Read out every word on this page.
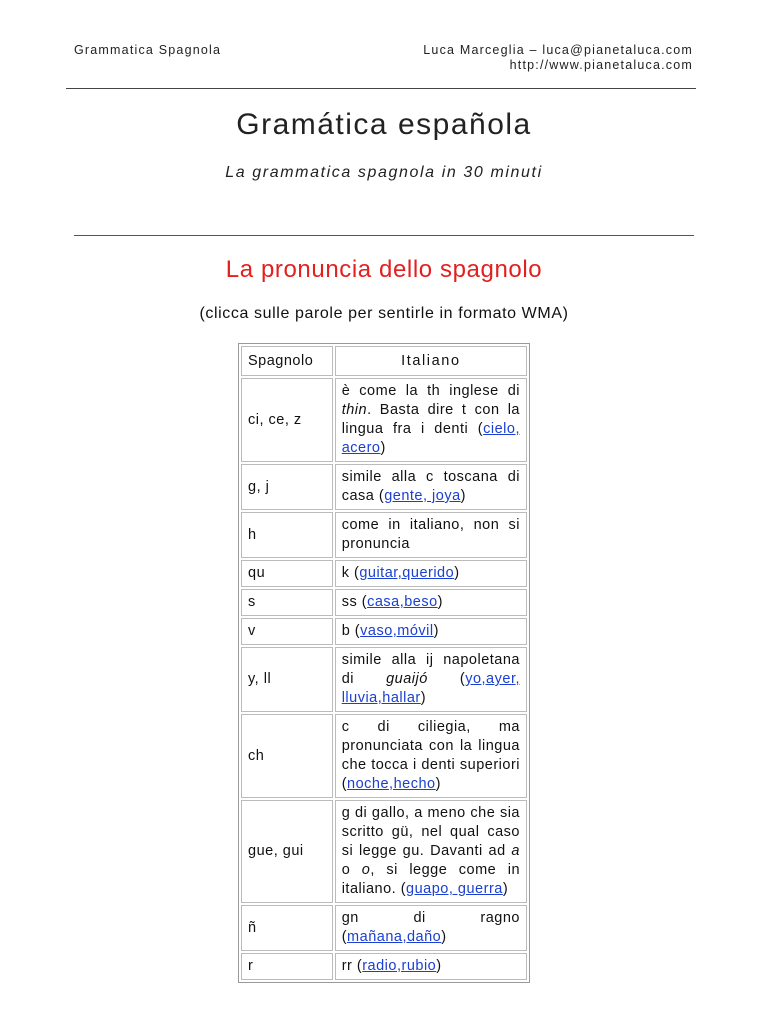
Grammatica Spagnola	Luca Marceglia – luca@pianetaluca.com
http://www.pianetaluca.com
Gramática española
La grammatica spagnola in 30 minuti
La pronuncia dello spagnolo
(clicca sulle parole per sentirle in formato WMA)
Spagnolo	Italiano
ci, ce, z	è come la th inglese di thin. Basta dire t con la lingua fra i denti (cielo, acero)
g, j	simile alla c toscana di casa (gente, joya)
h	come in italiano, non si pronuncia
qu	k (guitar,querido)
s	ss (casa,beso)
v	b (vaso,móvil)
y, ll	simile alla ij napoletana di guaijó (yo,ayer, lluvia,hallar)
ch	c di ciliegia, ma pronunciata con la lingua che tocca i denti superiori (noche,hecho)
gue, gui	g di gallo, a meno che sia scritto gü, nel qual caso si legge gu. Davanti ad a o o, si legge come in italiano. (guapo, guerra)
ñ	gn di ragno (mañana,daño)
r	rr (radio,rubio)
